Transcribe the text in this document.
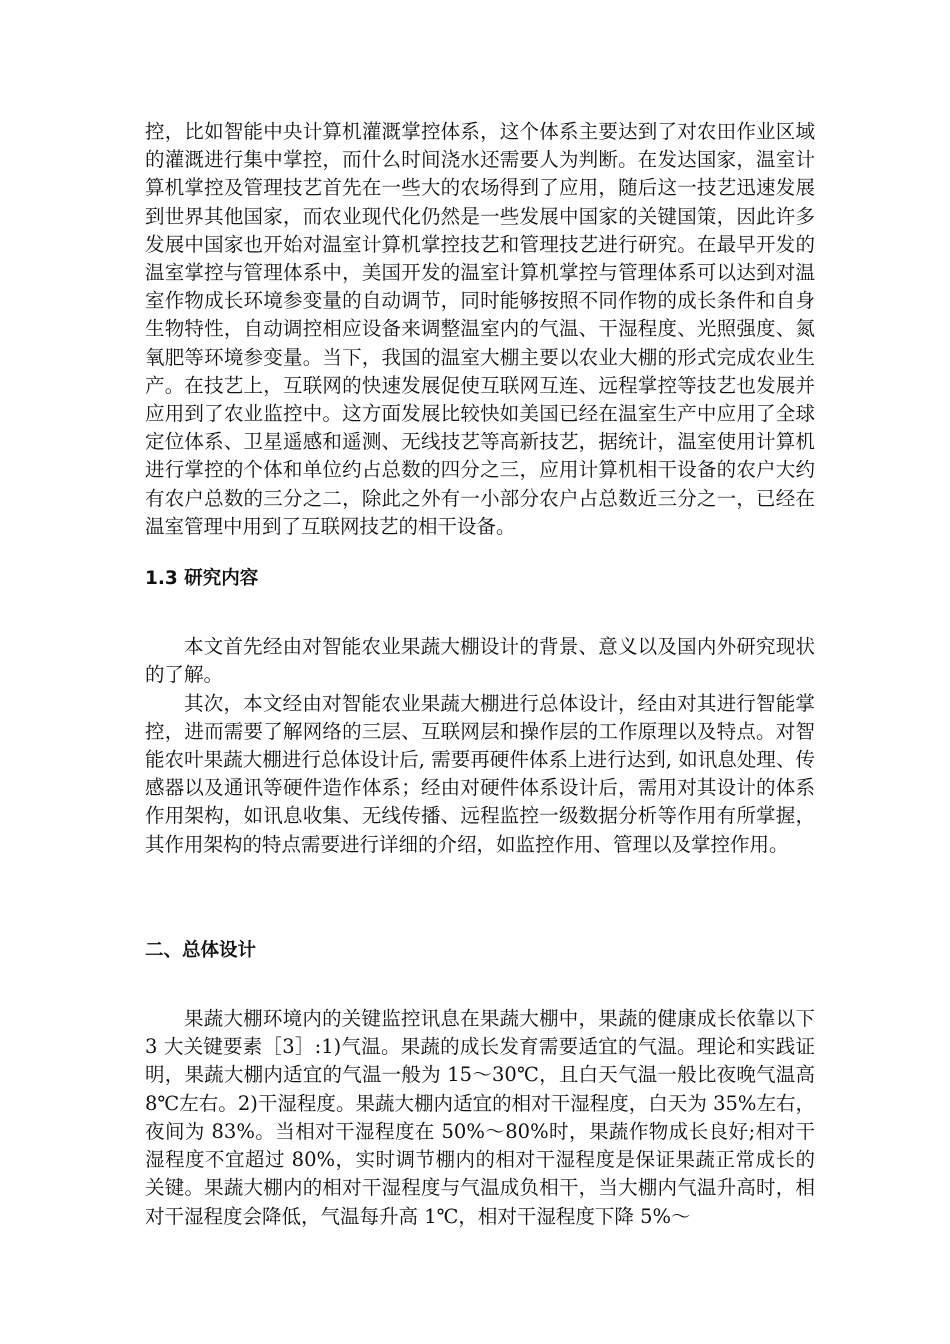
控，比如智能中央计算机灌溉掌控体系，这个体系主要达到了对农田作业区域的灌溉进行集中掌控，而什么时间浇水还需要人为判断。在发达国家，温室计算机掌控及管理技艺首先在一些大的农场得到了应用，随后这一技艺迅速发展到世界其他国家，而农业现代化仍然是一些发展中国家的关键国策，因此许多发展中国家也开始对温室计算机掌控技艺和管理技艺进行研究。在最早开发的温室掌控与管理体系中，美国开发的温室计算机掌控与管理体系可以达到对温室作物成长环境参变量的自动调节，同时能够按照不同作物的成长条件和自身生物特性，自动调控相应设备来调整温室内的气温、干湿程度、光照强度、氮氧肥等环境参变量。当下，我国的温室大棚主要以农业大棚的形式完成农业生产。在技艺上，互联网的快速发展促使互联网互连、远程掌控等技艺也发展并应用到了农业监控中。这方面发展比较快如美国已经在温室生产中应用了全球定位体系、卫星遥感和遥测、无线技艺等高新技艺，据统计，温室使用计算机进行掌控的个体和单位约占总数的四分之三，应用计算机相干设备的农户大约有农户总数的三分之二，除此之外有一小部分农户占总数近三分之一，已经在温室管理中用到了互联网技艺的相干设备。

1.3 研究内容

本文首先经由对智能农业果蔬大棚设计的背景、意义以及国内外研究现状的了解。

其次，本文经由对智能农业果蔬大棚进行总体设计，经由对其进行智能掌控，进而需要了解网络的三层、互联网层和操作层的工作原理以及特点。对智能农叶果蔬大棚进行总体设计后, 需要再硬件体系上进行达到, 如讯息处理、传感器以及通讯等硬件造作体系；经由对硬件体系设计后，需用对其设计的体系作用架构，如讯息收集、无线传播、远程监控一级数据分析等作用有所掌握，其作用架构的特点需要进行详细的介绍，如监控作用、管理以及掌控作用。

二、总体设计

果蔬大棚环境内的关键监控讯息在果蔬大棚中，果蔬的健康成长依靠以下 3 大关键要素［3］:1)气温。果蔬的成长发育需要适宜的气温。理论和实践证明，果蔬大棚内适宜的气温一般为 15～30℃，且白天气温一般比夜晚气温高 8℃左右。2)干湿程度。果蔬大棚内适宜的相对干湿程度，白天为 35%左右，夜间为 83%。当相对干湿程度在 50%～80%时，果蔬作物成长良好;相对干湿程度不宜超过 80%，实时调节棚内的相对干湿程度是保证果蔬正常成长的关键。果蔬大棚内的相对干湿程度与气温成负相干，当大棚内气温升高时，相对干湿程度会降低，气温每升高 1℃，相对干湿程度下降 5%～
